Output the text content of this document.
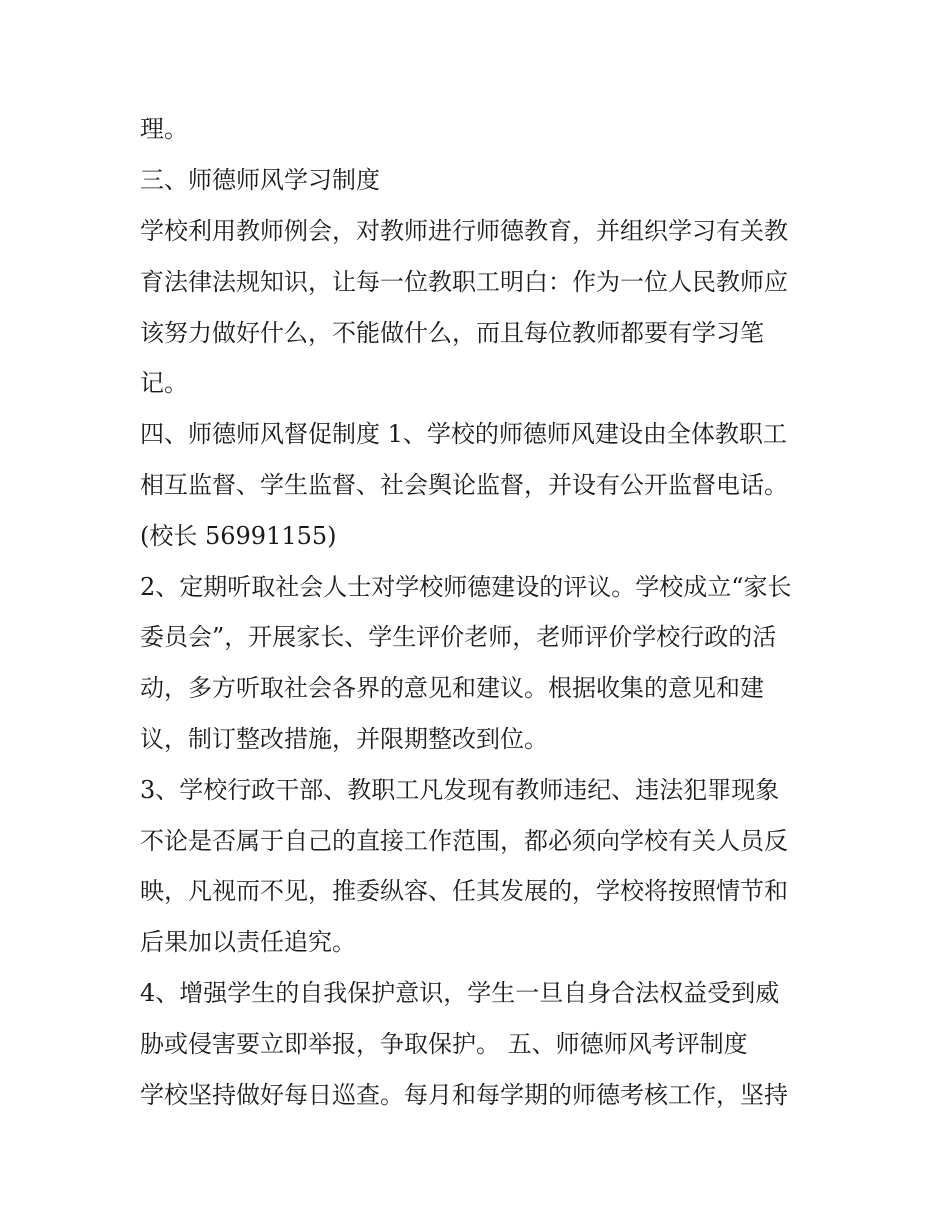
理。

三、师德师风学习制度

学校利用教师例会，对教师进行师德教育，并组织学习有关教

育法律法规知识，让每一位教职工明白：作为一位人民教师应

该努力做好什么，不能做什么，而且每位教师都要有学习笔

记。

四、师德师风督促制度 1、学校的师德师风建设由全体教职工

相互监督、学生监督、社会舆论监督，并设有公开监督电话。

(校长 56991155)

2、定期听取社会人士对学校师德建设的评议。学校成立“家长

委员会”，开展家长、学生评价老师，老师评价学校行政的活

动，多方听取社会各界的意见和建议。根据收集的意见和建

议，制订整改措施，并限期整改到位。

3、学校行政干部、教职工凡发现有教师违纪、违法犯罪现象

不论是否属于自己的直接工作范围，都必须向学校有关人员反

映，凡视而不见，推委纵容、任其发展的，学校将按照情节和

后果加以责任追究。

4、增强学生的自我保护意识，学生一旦自身合法权益受到威

胁或侵害要立即举报，争取保护。 五、师德师风考评制度

学校坚持做好每日巡查。每月和每学期的师德考核工作，坚持
